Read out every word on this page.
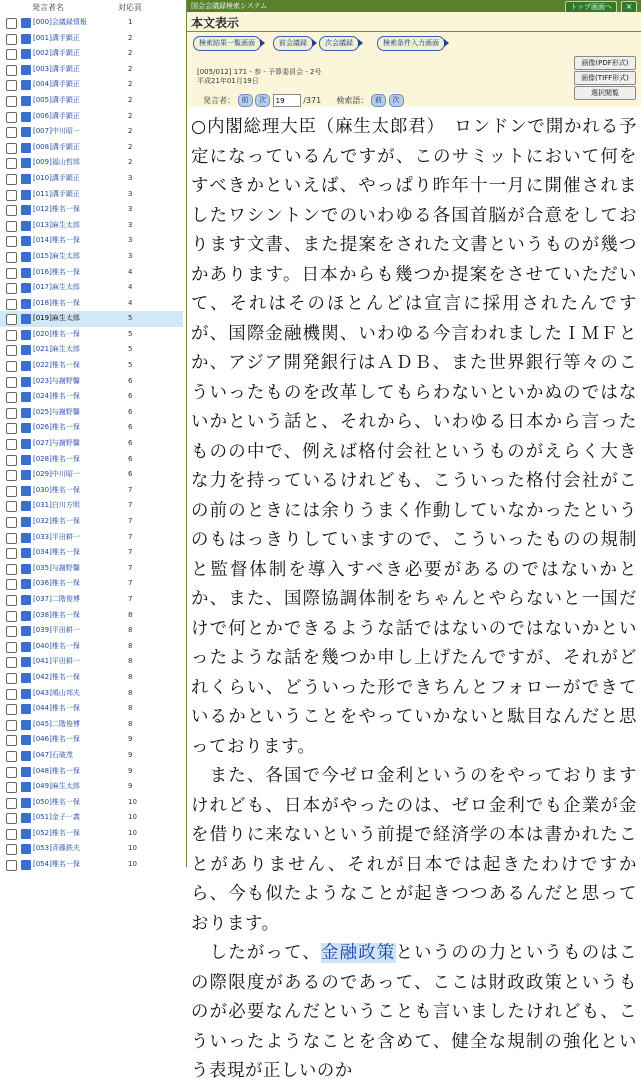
発言者名	対応頁
[000]会議録情報	1
[001]溝手顕正	2
[002]溝手顕正	2
[003]溝手顕正	2
[004]溝手顕正	2
[005]溝手顕正	2
[006]溝手顕正	2
[007]中川昭一	2
[008]溝手顕正	2
[009]福山哲郎	2
[010]溝手顕正	3
[011]溝手顕正	3
[012]椎名一保	3
[013]麻生太郎	3
[014]椎名一保	3
[015]麻生太郎	3
[016]椎名一保	4
[017]麻生太郎	4
[018]椎名一保	4
[019]麻生太郎	5
[020]椎名一保	5
[021]麻生太郎	5
[022]椎名一保	5
[023]与謝野馨	6
[024]椎名一保	6
[025]与謝野馨	6
[026]椎名一保	6
[027]与謝野馨	6
[028]椎名一保	6
[029]中川昭一	6
[030]椎名一保	7
[031]白川方明	7
[032]椎名一保	7
[033]平田耕一	7
[034]椎名一保	7
[035]与謝野馨	7
[036]椎名一保	7
[037]二階俊博	7
[038]椎名一保	8
[039]平田耕一	8
[040]椎名一保	8
[041]平田耕一	8
[042]椎名一保	8
[043]鳩山邦夫	8
[044]椎名一保	8
[045]二階俊博	8
[046]椎名一保	9
[047]石破茂	9
[048]椎名一保	9
[049]麻生太郎	9
[050]椎名一保	10
[051]金子一義	10
[052]椎名一保	10
[053]斉藤鉄夫	10
[054]椎名一保	10
国会会議録検索システム	トップ画面へ	×
本文表示
検索結果一覧画面	前会議録	次会議録	検索条件入力画面
[005/012] 171 - 参 - 予算委員会 - 2号
平成21年01月19日
発言者： 前 次 19	/371 検索語： 前 次
画像(PDF形式)
画像(TIFF形式)
選択閲覧

○内閣総理大臣（麻生太郎君）　ロンドンで開かれる予定になっているんですが、このサミットにおいて何をすべきかといえば、やっぱり昨年十一月に開催されましたワシントンでのいわゆる各国首脳が合意をしております文書、また提案をされた文書というものが幾つかあります。日本からも幾つか提案をさせていただいて、それはそのほとんどは宣言に採用されたんですが、国際金融機関、いわゆる今言われましたＩＭＦとか、アジア開発銀行はＡＤＢ、また世界銀行等々のこういったものを改革してもらわないといかぬのではないかという話と、それから、いわゆる日本から言ったものの中で、例えば格付会社というものがえらく大きな力を持っているけれども、こういった格付会社がこの前のときには余りうまく作動していなかったというのもはっきりしていますので、こういったものの規制と監督体制を導入すべき必要があるのではないかとか、また、国際協調体制をちゃんとやらないと一国だけで何とかできるような話ではないのではないかといったような話を幾つか申し上げたんですが、それがどれくらい、どういった形できちんとフォローができているかということをやっていかないと駄目なんだと思っております。

　また、各国で今ゼロ金利というのをやっておりますけれども、日本がやったのは、ゼロ金利でも企業が金を借りに来ないという前提で経済学の本は書かれたことがありません、それが日本では起きたわけですから、今も似たようなことが起きつつあるんだと思っております。

　したがって、金融政策というのの力というものはこの際限度があるのであって、ここは財政政策というものが必要なんだということも言いましたけれども、こういったようなことを含めて、健全な規制の強化という表現が正しいのか
